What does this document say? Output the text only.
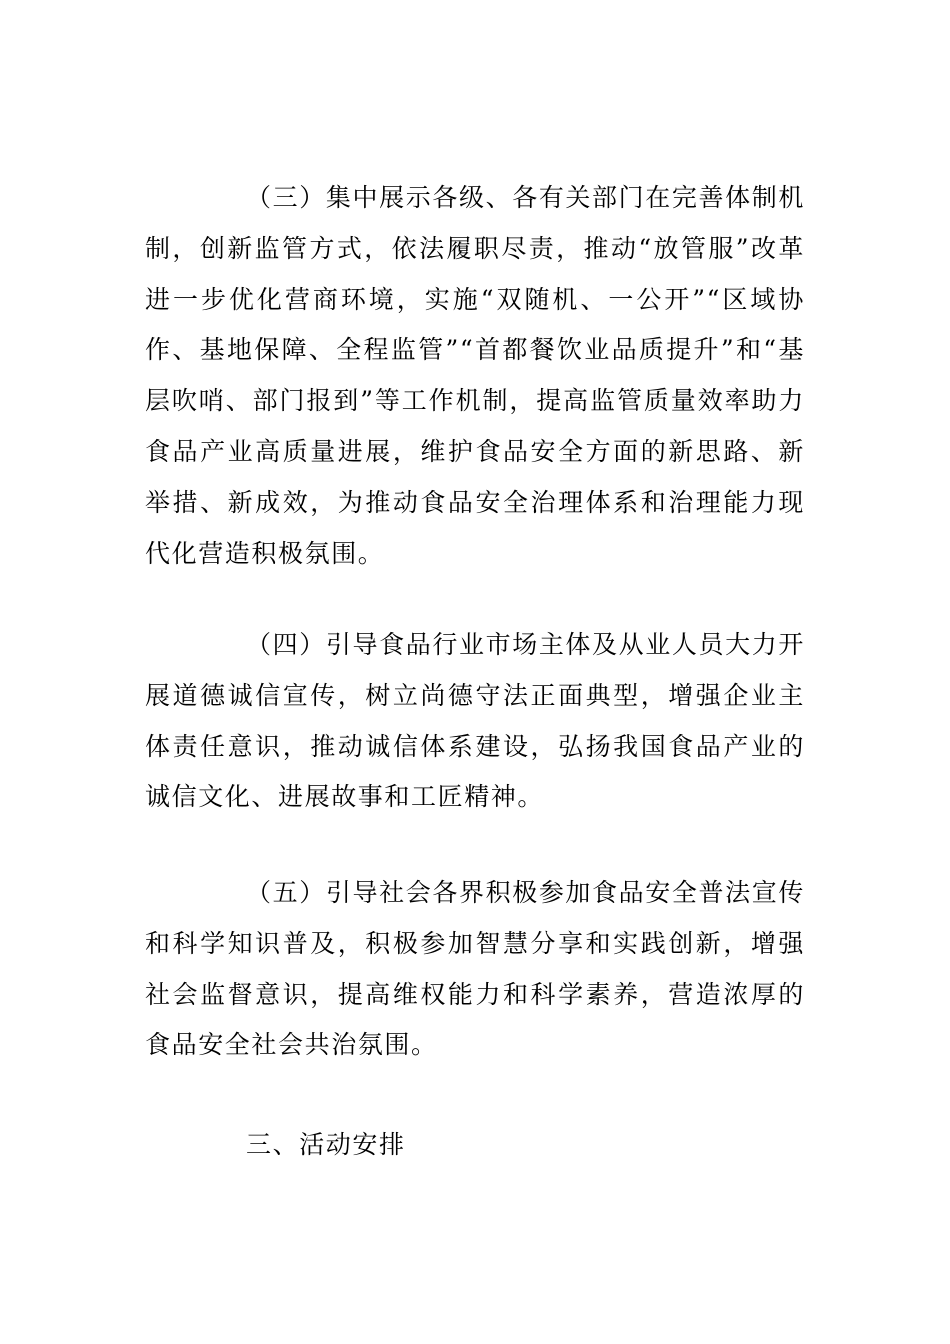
（三）集中展示各级、各有关部门在完善体制机制，创新监管方式，依法履职尽责，推动“放管服”改革进一步优化营商环境，实施“双随机、一公开”“区域协作、基地保障、全程监管”“首都餐饮业品质提升”和“基层吹哨、部门报到”等工作机制，提高监管质量效率助力食品产业高质量进展，维护食品安全方面的新思路、新举措、新成效，为推动食品安全治理体系和治理能力现代化营造积极氛围。

（四）引导食品行业市场主体及从业人员大力开展道德诚信宣传，树立尚德守法正面典型，增强企业主体责任意识，推动诚信体系建设，弘扬我国食品产业的诚信文化、进展故事和工匠精神。

（五）引导社会各界积极参加食品安全普法宣传和科学知识普及，积极参加智慧分享和实践创新，增强社会监督意识，提高维权能力和科学素养，营造浓厚的食品安全社会共治氛围。

三、活动安排
